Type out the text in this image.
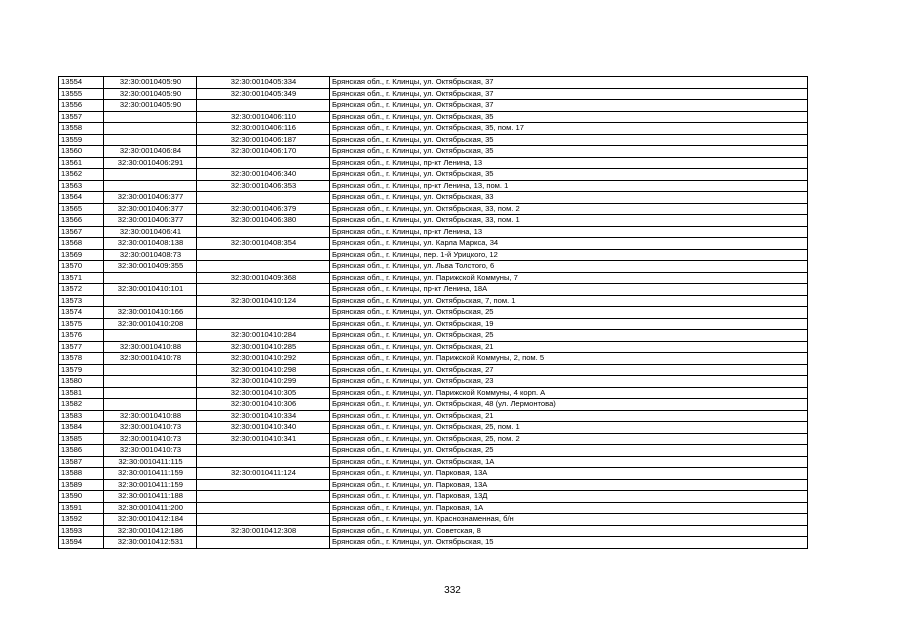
13554	32:30:0010405:90	32:30:0010405:334	Брянская обл., г. Клинцы, ул. Октябрьская, 37
13555	32:30:0010405:90	32:30:0010405:349	Брянская обл., г. Клинцы, ул. Октябрьская, 37
13556	32:30:0010405:90		Брянская обл., г. Клинцы, ул. Октябрьская, 37
13557		32:30:0010406:110	Брянская обл., г. Клинцы, ул. Октябрьская, 35
13558		32:30:0010406:116	Брянская обл., г. Клинцы, ул. Октябрьская, 35, пом. 17
13559		32:30:0010406:187	Брянская обл., г. Клинцы, ул. Октябрьская, 35
13560	32:30:0010406:84	32:30:0010406:170	Брянская обл., г. Клинцы, ул. Октябрьская, 35
13561	32:30:0010406:291		Брянская обл., г. Клинцы, пр-кт Ленина, 13
13562		32:30:0010406:340	Брянская обл., г. Клинцы, ул. Октябрьская, 35
13563		32:30:0010406:353	Брянская обл., г. Клинцы, пр-кт Ленина, 13, пом. 1
13564	32:30:0010406:377		Брянская обл., г. Клинцы, ул. Октябрьская, 33
13565	32:30:0010406:377	32:30:0010406:379	Брянская обл., г. Клинцы, ул. Октябрьская, 33, пом. 2
13566	32:30:0010406:377	32:30:0010406:380	Брянская обл., г. Клинцы, ул. Октябрьская, 33, пом. 1
13567	32:30:0010406:41		Брянская обл., г. Клинцы, пр-кт Ленина, 13
13568	32:30:0010408:138	32:30:0010408:354	Брянская обл., г. Клинцы, ул. Карла Маркса, 34
13569	32:30:0010408:73		Брянская обл., г. Клинцы, пер. 1-й Урицкого, 12
13570	32:30:0010409:355		Брянская обл., г. Клинцы, ул. Льва Толстого, 6
13571		32:30:0010409:368	Брянская обл., г. Клинцы, ул. Парижской Коммуны, 7
13572	32:30:0010410:101		Брянская обл., г. Клинцы, пр-кт Ленина, 18А
13573		32:30:0010410:124	Брянская обл., г. Клинцы, ул. Октябрьская, 7, пом. 1
13574	32:30:0010410:166		Брянская обл., г. Клинцы, ул. Октябрьская, 25
13575	32:30:0010410:208		Брянская обл., г. Клинцы, ул. Октябрьская, 19
13576		32:30:0010410:284	Брянская обл., г. Клинцы, ул. Октябрьская, 25
13577	32:30:0010410:88	32:30:0010410:285	Брянская обл., г. Клинцы, ул. Октябрьская, 21
13578	32:30:0010410:78	32:30:0010410:292	Брянская обл., г. Клинцы, ул. Парижской Коммуны, 2, пом. 5
13579		32:30:0010410:298	Брянская обл., г. Клинцы, ул. Октябрьская, 27
13580		32:30:0010410:299	Брянская обл., г. Клинцы, ул. Октябрьская, 23
13581		32:30:0010410:305	Брянская обл., г. Клинцы, ул. Парижской Коммуны, 4 корп. А
13582		32:30:0010410:306	Брянская обл., г. Клинцы, ул. Октябрьская, 48 (ул. Лермонтова)
13583	32:30:0010410:88	32:30:0010410:334	Брянская обл., г. Клинцы, ул. Октябрьская, 21
13584	32:30:0010410:73	32:30:0010410:340	Брянская обл., г. Клинцы, ул. Октябрьская, 25, пом. 1
13585	32:30:0010410:73	32:30:0010410:341	Брянская обл., г. Клинцы, ул. Октябрьская, 25, пом. 2
13586	32:30:0010410:73		Брянская обл., г. Клинцы, ул. Октябрьская, 25
13587	32:30:0010411:115		Брянская обл., г. Клинцы, ул. Октябрьская, 1А
13588	32:30:0010411:159	32:30:0010411:124	Брянская обл., г. Клинцы, ул. Парковая, 13А
13589	32:30:0010411:159		Брянская обл., г. Клинцы, ул. Парковая, 13А
13590	32:30:0010411:188		Брянская обл., г. Клинцы, ул. Парковая, 13Д
13591	32:30:0010411:200		Брянская обл., г. Клинцы, ул. Парковая, 1А
13592	32:30:0010412:184		Брянская обл., г. Клинцы, ул. Краснознаменная, б/н
13593	32:30:0010412:186	32:30:0010412:308	Брянская обл., г. Клинцы, ул. Советская, 8
13594	32:30:0010412:531		Брянская обл., г. Клинцы, ул. Октябрьская, 15
332
